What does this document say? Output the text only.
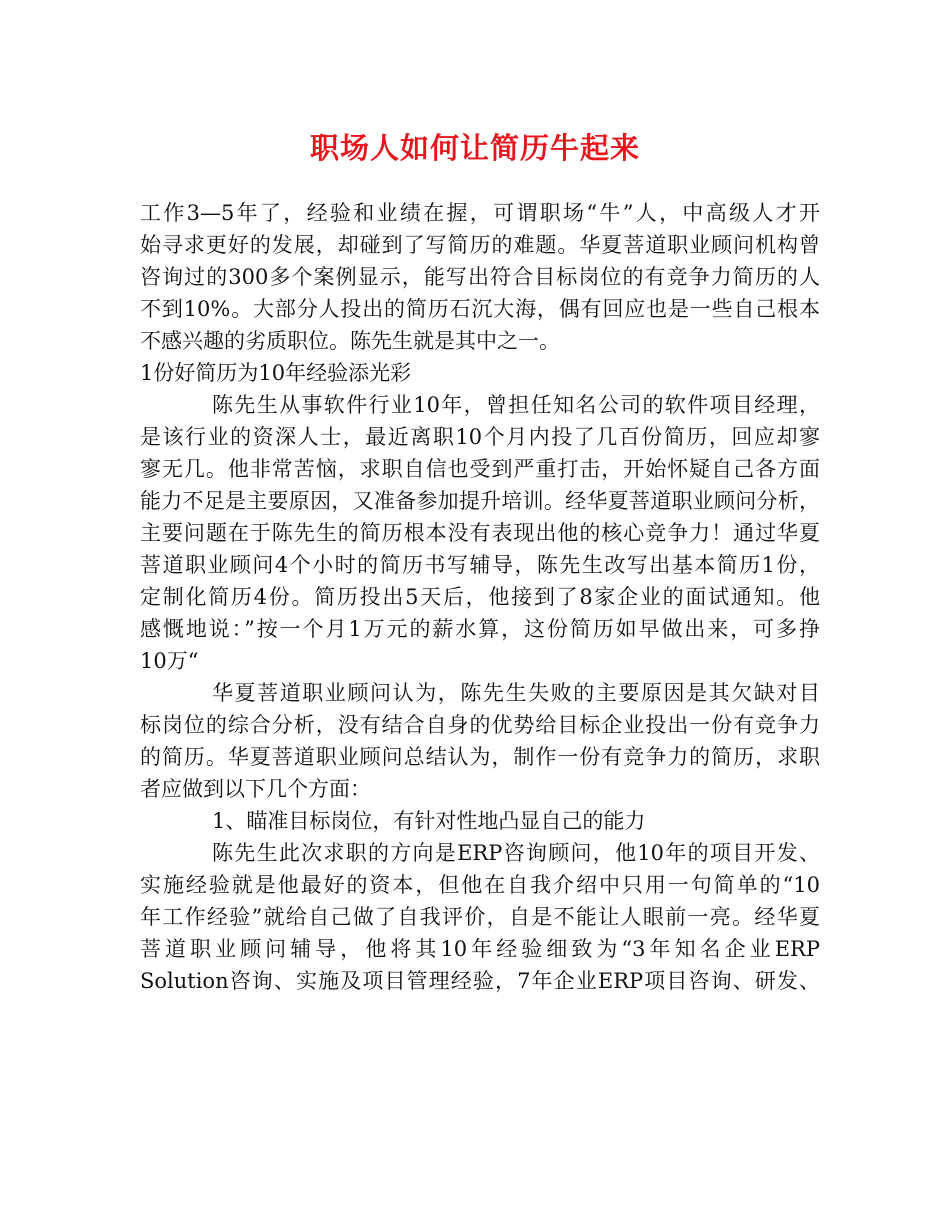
职场人如何让简历牛起来
工作3—5年了，经验和业绩在握，可谓职场“牛”人，中高级人才开
始寻求更好的发展，却碰到了写简历的难题。华夏菩道职业顾问机构曾
咨询过的300多个案例显示，能写出符合目标岗位的有竞争力简历的人
不到10%。大部分人投出的简历石沉大海，偶有回应也是一些自己根本
不感兴趣的劣质职位。陈先生就是其中之一。
1份好简历为10年经验添光彩
陈先生从事软件行业10年，曾担任知名公司的软件项目经理，
是该行业的资深人士，最近离职10个月内投了几百份简历，回应却寥
寥无几。他非常苦恼，求职自信也受到严重打击，开始怀疑自己各方面
能力不足是主要原因，又准备参加提升培训。经华夏菩道职业顾问分析，
主要问题在于陈先生的简历根本没有表现出他的核心竞争力！通过华夏
菩道职业顾问4个小时的简历书写辅导，陈先生改写出基本简历1份，
定制化简历4份。简历投出5天后，他接到了8家企业的面试通知。他
感慨地说：”按一个月1万元的薪水算，这份简历如早做出来，可多挣
10万“
华夏菩道职业顾问认为，陈先生失败的主要原因是其欠缺对目
标岗位的综合分析，没有结合自身的优势给目标企业投出一份有竞争力
的简历。华夏菩道职业顾问总结认为，制作一份有竞争力的简历，求职
者应做到以下几个方面：
1、瞄准目标岗位，有针对性地凸显自己的能力
陈先生此次求职的方向是ERP咨询顾问，他10年的项目开发、
实施经验就是他最好的资本，但他在自我介绍中只用一句简单的“10
年工作经验”就给自己做了自我评价，自是不能让人眼前一亮。经华夏
菩道职业顾问辅导，他将其10年经验细致为“3年知名企业ERP
Solution咨询、实施及项目管理经验，7年企业ERP项目咨询、研发、
